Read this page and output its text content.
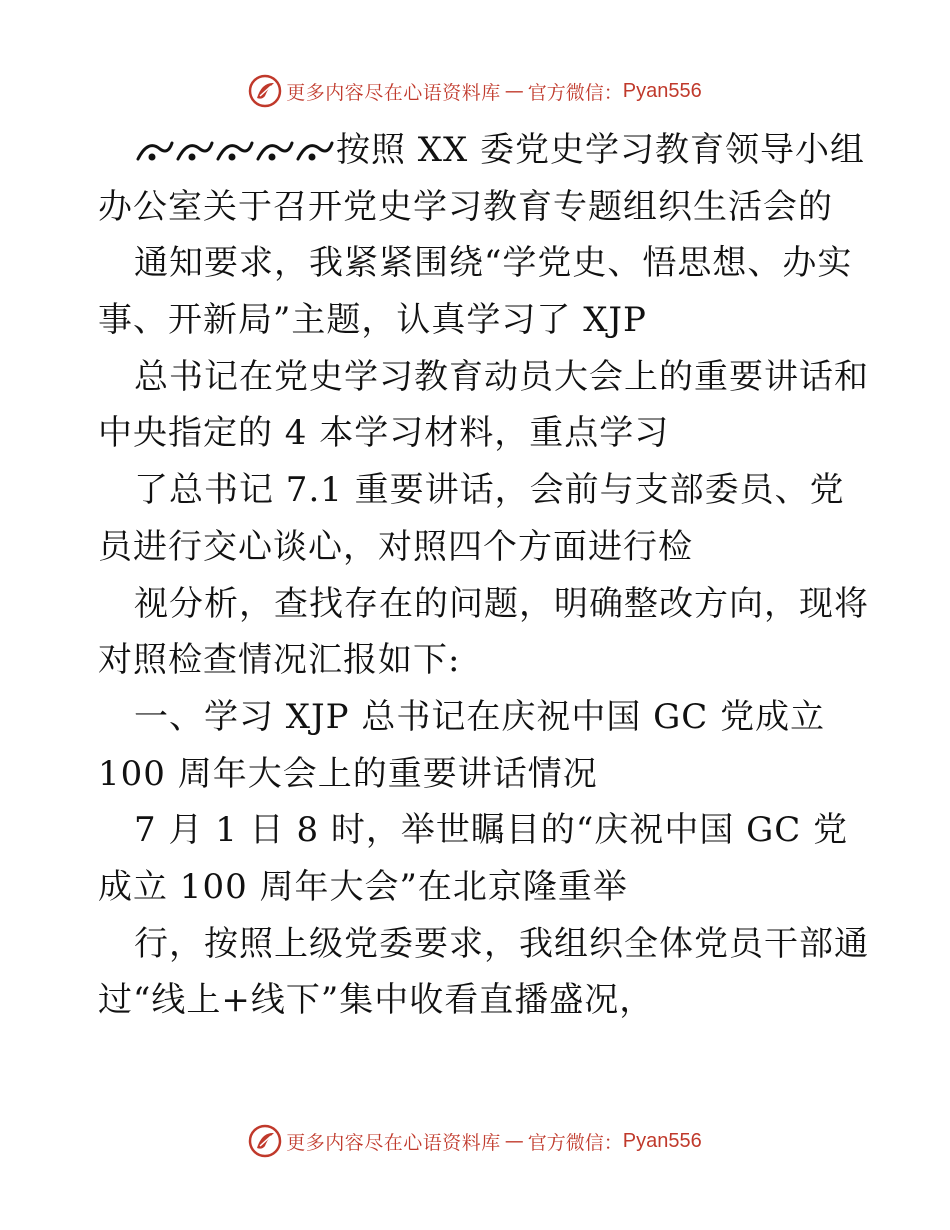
更多内容尽在心语资料库 — 官方微信： Pyan556
按照 XX 委党史学习教育领导小组
办公室关于召开党史学习教育专题组织生活会的
通知要求，我紧紧围绕“学党史、悟思想、办实
事、开新局”主题，认真学习了 XJP
总书记在党史学习教育动员大会上的重要讲话和
中央指定的 4 本学习材料，重点学习
了总书记 7.1 重要讲话，会前与支部委员、党
员进行交心谈心，对照四个方面进行检
视分析，查找存在的问题，明确整改方向，现将
对照检查情况汇报如下:
一、学习 XJP 总书记在庆祝中国 GC 党成立
100 周年大会上的重要讲话情况
7 月 1 日 8 时，举世瞩目的“庆祝中国 GC 党
成立 100 周年大会”在北京隆重举
行，按照上级党委要求，我组织全体党员干部通
过“线上+线下”集中收看直播盛况，
更多内容尽在心语资料库 — 官方微信： Pyan556
